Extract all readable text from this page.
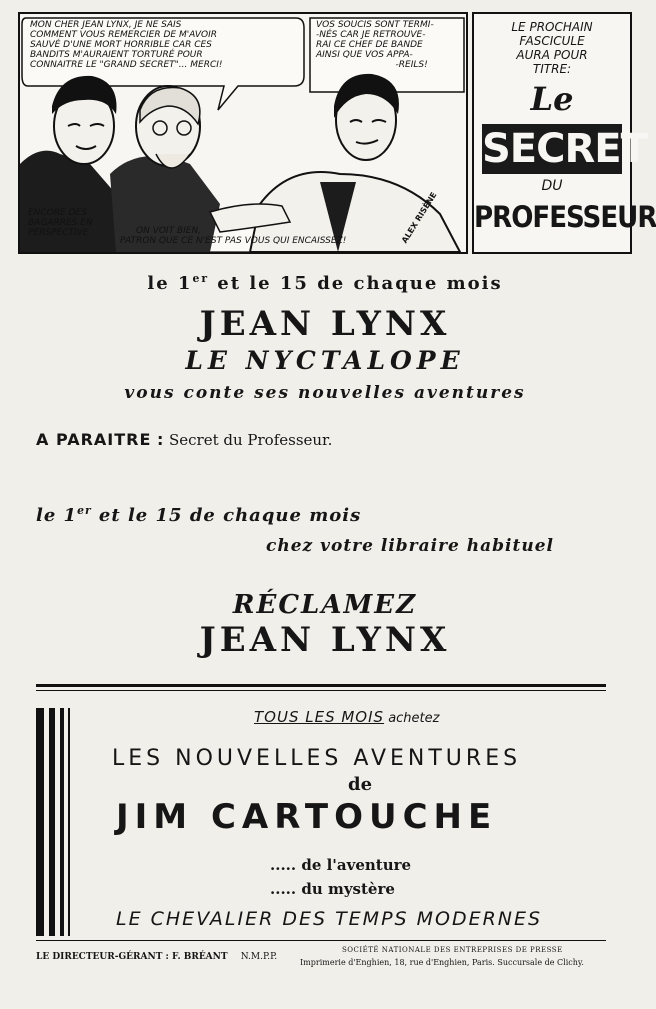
MON CHER JEAN LYNX, JE NE SAIS
COMMENT VOUS REMERCIER DE M'AVOIR
SAUVÉ D'UNE MORT HORRIBLE CAR CES
BANDITS M'AURAIENT TORTURÉ POUR
CONNAITRE LE "GRAND SECRET"... MERCI!
VOS SOUCIS SONT TERMI-
-NÉS CAR JE RETROUVE-
RAI CE CHEF DE BANDE
AINSI QUE VOS APPA-
-REILS!
ENCORE DES
BAGARRES EN
PERSPECTIVE	ON VOIT BIEN,
PATRON QUE CE N'EST PAS VOUS QUI ENCAISSEZ!	ALEX RISÈNE
LE PROCHAIN
FASCICULE
AURA POUR
TITRE:
Le
SECRET
DU
PROFESSEUR
le 1er et le 15 de chaque mois
JEAN LYNX
LE NYCTALOPE
vous conte ses nouvelles aventures
A PARAITRE : Secret du Professeur.
le 1er et le 15 de chaque mois
chez votre libraire habituel
RÉCLAMEZ
JEAN LYNX
TOUS LES MOIS achetez
LES NOUVELLES AVENTURES
de
JIM CARTOUCHE
..... de l'aventure
..... du mystère
LE CHEVALIER DES TEMPS MODERNES
LE DIRECTEUR-GÉRANT : F. BRÉANT N.M.P.P.
SOCIÉTÉ NATIONALE DES ENTREPRISES DE PRESSE
Imprimerie d'Enghien, 18, rue d'Enghien, Paris. Succursale de Clichy.
